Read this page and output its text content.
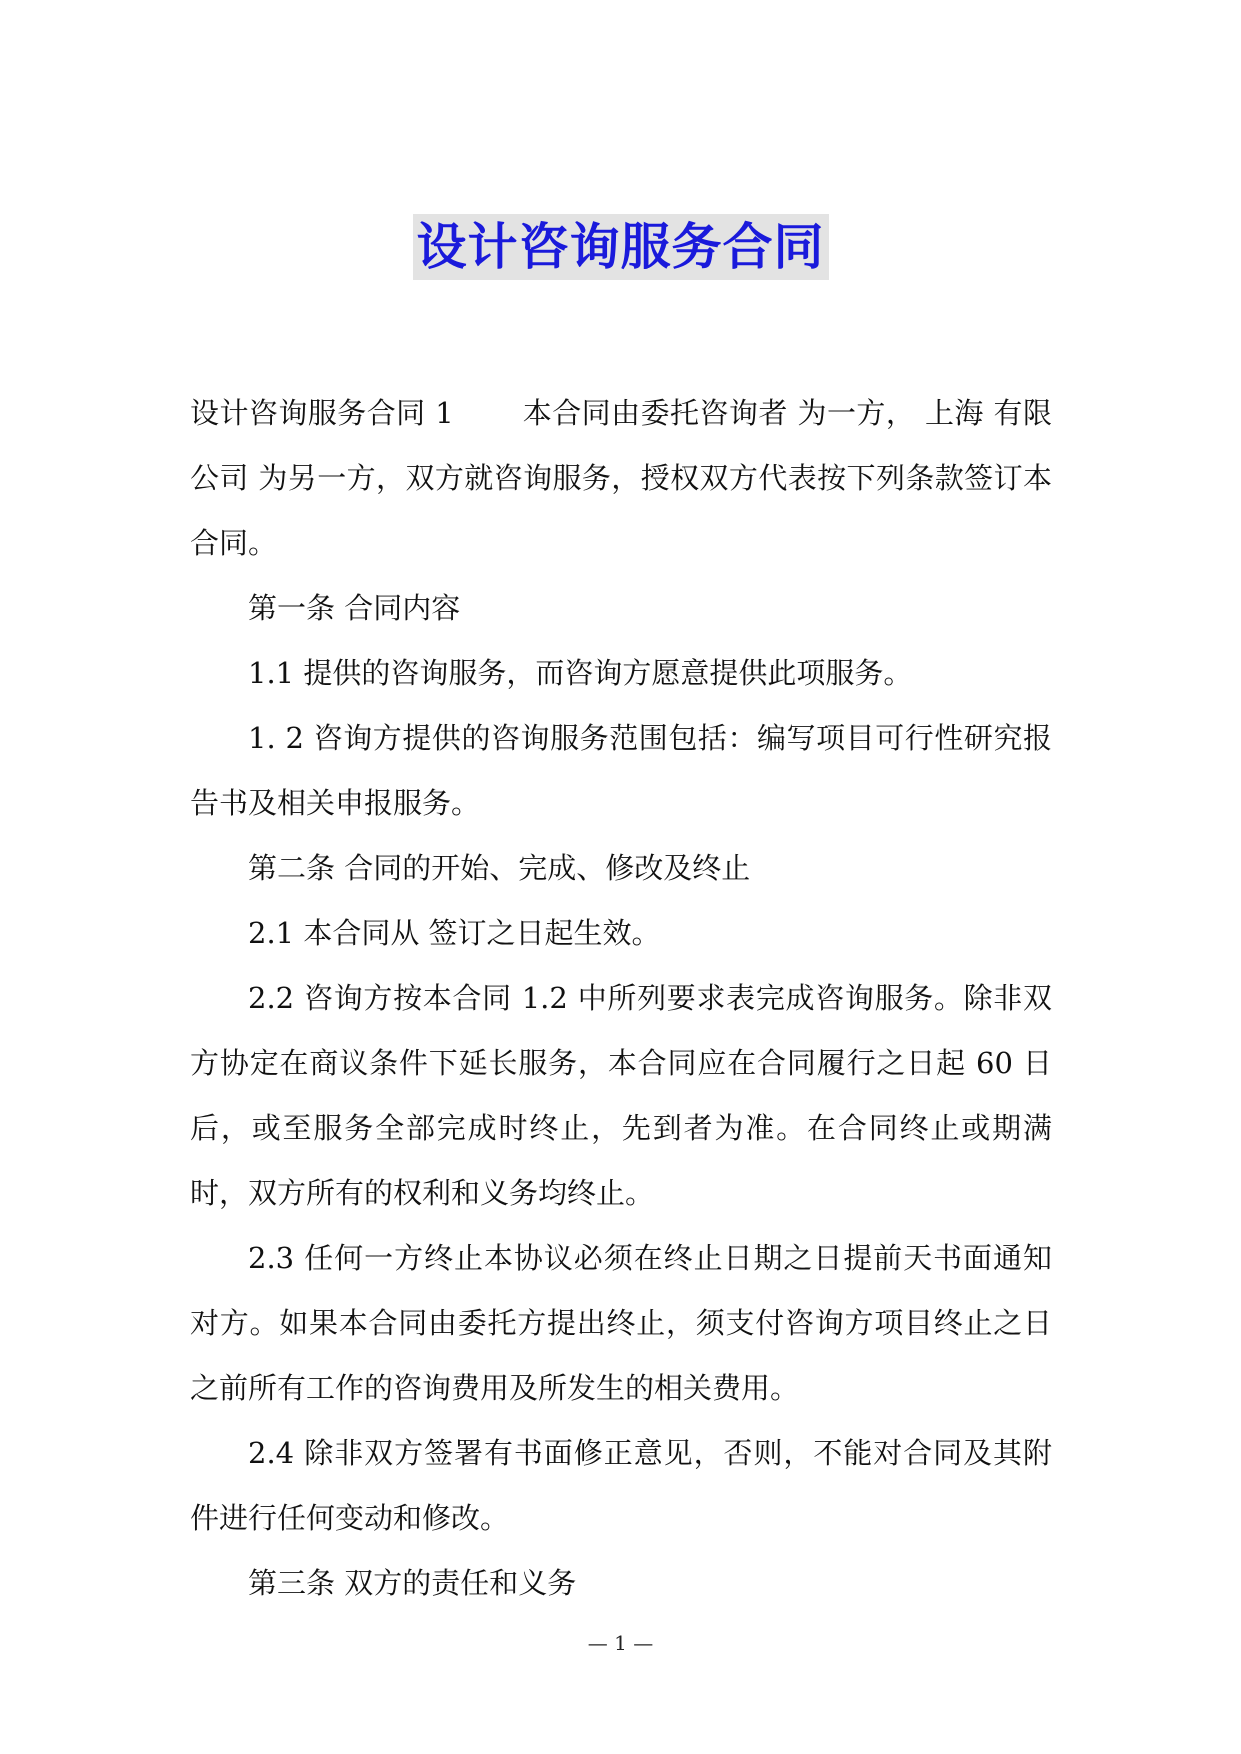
设计咨询服务合同

设计咨询服务合同 1　　 本合同由委托咨询者 为一方， 上海 有限公司 为另一方，双方就咨询服务，授权双方代表按下列条款签订本合同。

第一条 合同内容

1.1 提供的咨询服务，而咨询方愿意提供此项服务。

1. 2 咨询方提供的咨询服务范围包括：编写项目可行性研究报告书及相关申报服务。

第二条 合同的开始、完成、修改及终止

2.1 本合同从 签订之日起生效。

2.2 咨询方按本合同 1.2 中所列要求表完成咨询服务。除非双方协定在商议条件下延长服务，本合同应在合同履行之日起 60 日后，或至服务全部完成时终止，先到者为准。在合同终止或期满时，双方所有的权利和义务均终止。

2.3 任何一方终止本协议必须在终止日期之日提前天书面通知对方。如果本合同由委托方提出终止，须支付咨询方项目终止之日之前所有工作的咨询费用及所发生的相关费用。

2.4 除非双方签署有书面修正意见，否则，不能对合同及其附件进行任何变动和修改。

第三条 双方的责任和义务

— 1 —
